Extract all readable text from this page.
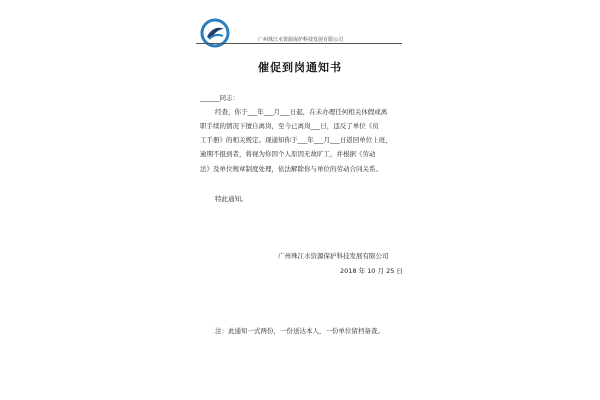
广州珠江水资源保护科技发展有限公司
催促到岗通知书
______同志：
经查，你于___年___月___日起，在未办理任何相关休假或离
职手续的情况下擅自离岗，至今已离岗___日，违反了单位《员
工手册》的相关规定。现通知你于___年___月___日返回单位上班，
逾期不报到者，将视为你因个人原因无故旷工，并根据《劳动
法》及单位规章制度处理，依法解除你与单位的劳动合同关系。
特此通知。
广州珠江水资源保护科技发展有限公司
2018 年 10 月 25 日
注：此通知一式两份，一份送达本人，一份单位留档备查。
